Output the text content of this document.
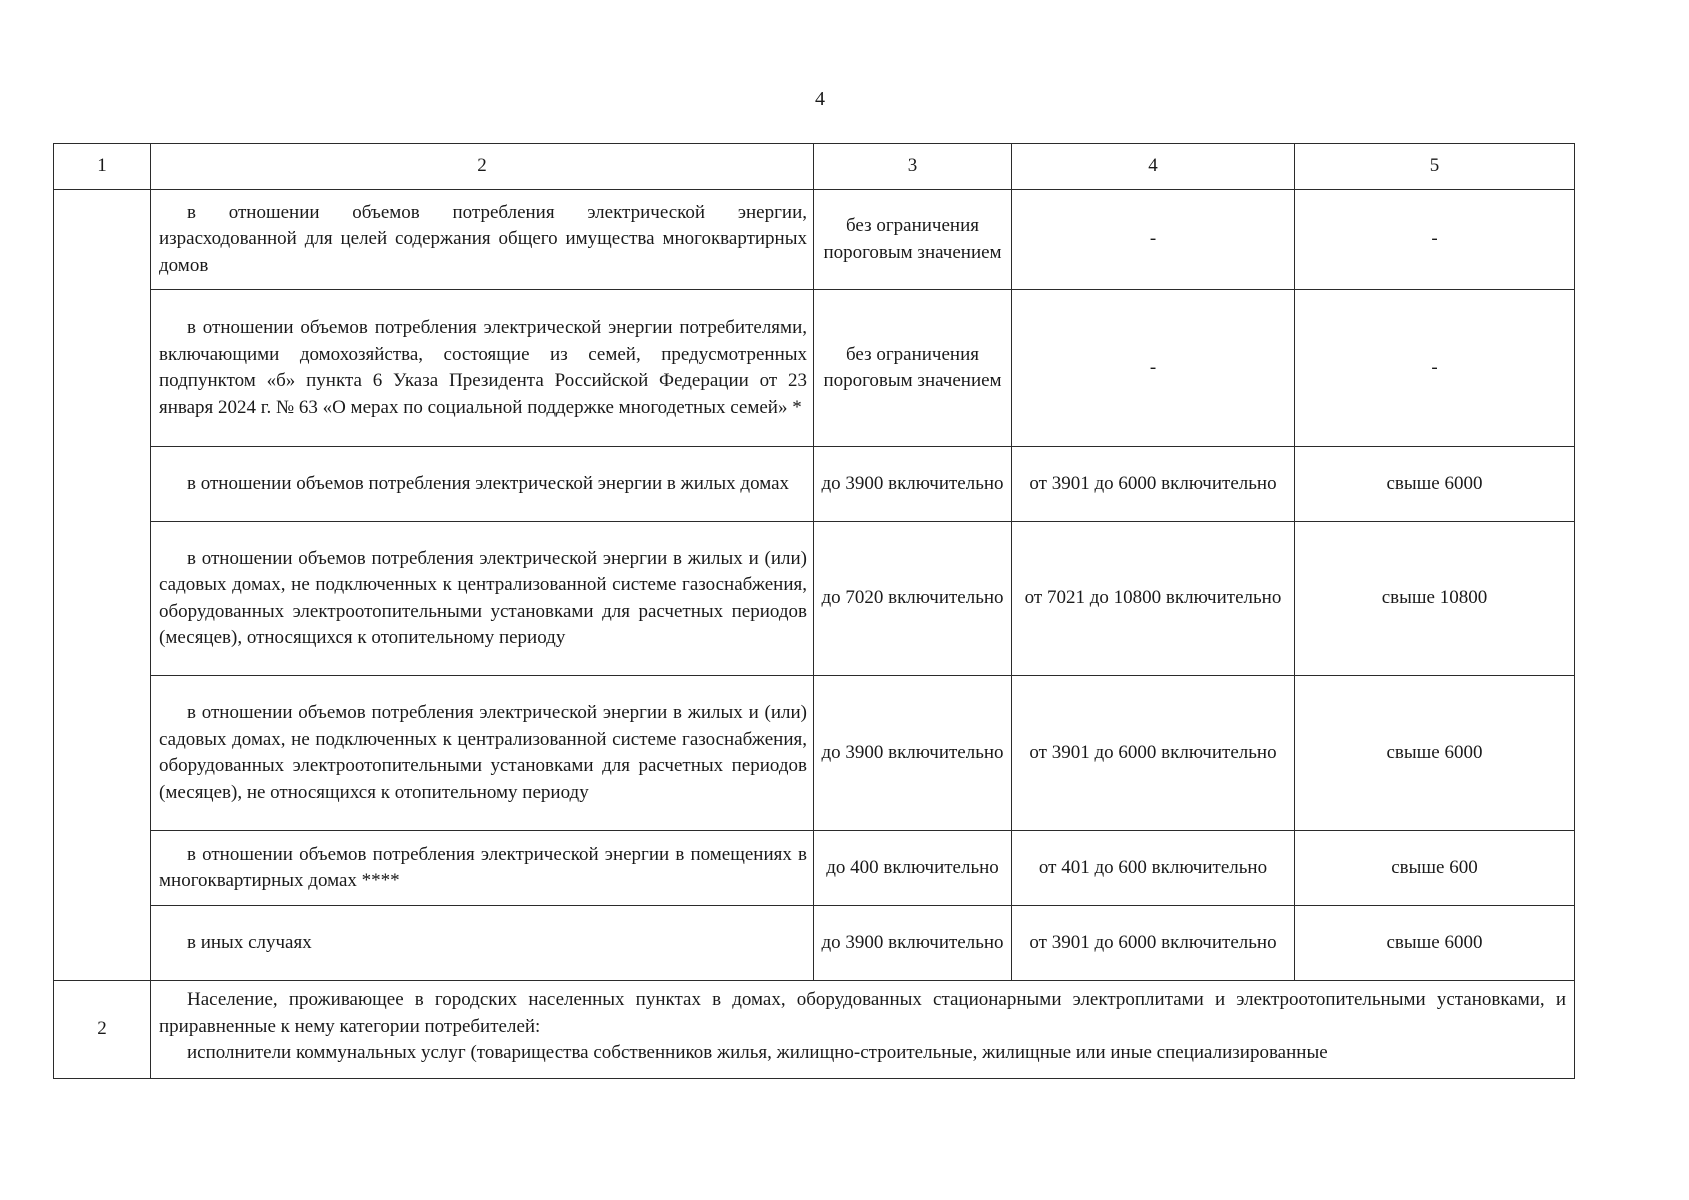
4
1	2	3	4	5
	в отношении объемов потребления электрической энергии, израсходованной для целей содержания общего имущества многоквартирных домов	без ограничения пороговым значением	-	-
	в отношении объемов потребления электрической энергии потребителями, включающими домохозяйства, состоящие из семей, предусмотренных подпунктом «б» пункта 6 Указа Президента Российской Федерации от 23 января 2024 г. № 63 «О мерах по социальной поддержке многодетных семей» *	без ограничения пороговым значением	-	-
	в отношении объемов потребления электрической энергии в жилых домах	до 3900 включительно	от 3901 до 6000 включительно	свыше 6000
	в отношении объемов потребления электрической энергии в жилых и (или) садовых домах, не подключенных к централизованной системе газоснабжения, оборудованных электроотопительными установками для расчетных периодов (месяцев), относящихся к отопительному периоду	до 7020 включительно	от 7021 до 10800 включительно	свыше 10800
	в отношении объемов потребления электрической энергии в жилых и (или) садовых домах, не подключенных к централизованной системе газоснабжения, оборудованных электроотопительными установками для расчетных периодов (месяцев), не относящихся к отопительному периоду	до 3900 включительно	от 3901 до 6000 включительно	свыше 6000
	в отношении объемов потребления электрической энергии в помещениях в многоквартирных домах ****	до 400 включительно	от 401 до 600 включительно	свыше 600
	в иных случаях	до 3900 включительно	от 3901 до 6000 включительно	свыше 6000
2	Население, проживающее в городских населенных пунктах в домах, оборудованных стационарными электроплитами и электроотопительными установками, и приравненные к нему категории потребителей:

исполнители коммунальных услуг (товарищества собственников жилья, жилищно-строительные, жилищные или иные специализированные			
